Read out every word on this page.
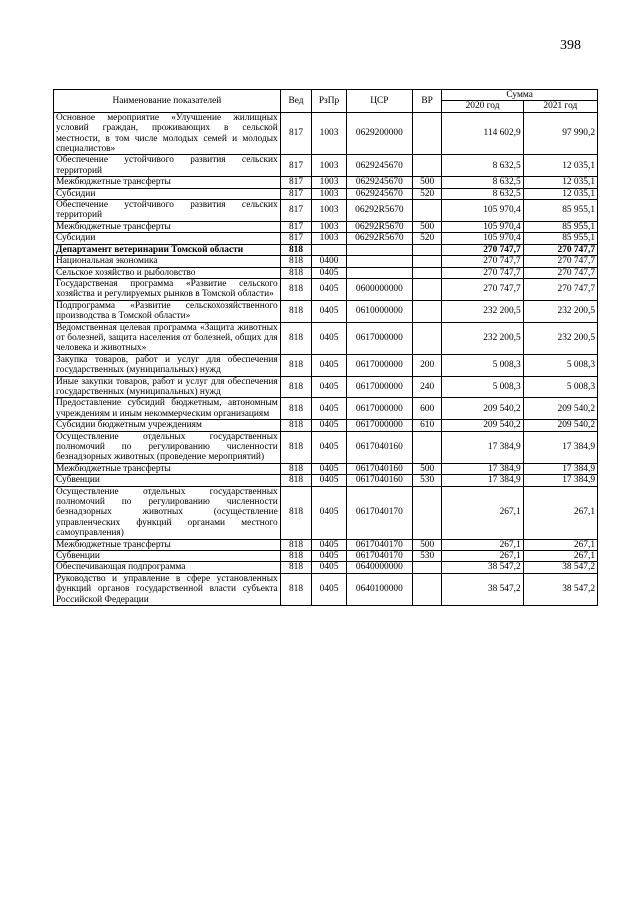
398
Наименование показателей	Вед	РзПр	ЦСР	ВР	Сумма	
					2020 год	2021 год
Основное мероприятие «Улучшение жилищных условий граждан, проживающих в сельской местности, в том числе молодых семей и молодых специалистов»	817	1003	0629200000		114 602,9	97 990,2
Обеспечение устойчивого развития сельских территорий	817	1003	0629245670		8 632,5	12 035,1
Межбюджетные трансферты	817	1003	0629245670	500	8 632,5	12 035,1
Субсидии	817	1003	0629245670	520	8 632,5	12 035,1
Обеспечение устойчивого развития сельских территорий	817	1003	06292R5670		105 970,4	85 955,1
Межбюджетные трансферты	817	1003	06292R5670	500	105 970,4	85 955,1
Субсидии	817	1003	06292R5670	520	105 970,4	85 955,1
Департамент ветеринарии Томской области	818				270 747,7	270 747,7
Национальная экономика	818	0400			270 747,7	270 747,7
Сельское хозяйство и рыболовство	818	0405			270 747,7	270 747,7
Государственая программа «Развитие сельского хозяйства и регулируемых рынков в Томской области»	818	0405	0600000000		270 747,7	270 747,7
Подпрограмма «Развитие сельскохозяйственного производства в Томской области»	818	0405	0610000000		232 200,5	232 200,5
Ведомственная целевая программа «Защита животных от болезней, защита населения от болезней, общих для человека и животных»	818	0405	0617000000		232 200,5	232 200,5
Закупка товаров, работ и услуг для обеспечения государственных (муниципальных) нужд	818	0405	0617000000	200	5 008,3	5 008,3
Иные закупки товаров, работ и услуг для обеспечения государственных (муниципальных) нужд	818	0405	0617000000	240	5 008,3	5 008,3
Предоставление субсидий бюджетным, автономным учреждениям и иным некоммерческим организациям	818	0405	0617000000	600	209 540,2	209 540,2
Субсидии бюджетным учреждениям	818	0405	0617000000	610	209 540,2	209 540,2
Осуществление отдельных государственных полномочий по регулированию численности безнадзорных животных (проведение мероприятий)	818	0405	0617040160		17 384,9	17 384,9
Межбюджетные трансферты	818	0405	0617040160	500	17 384,9	17 384,9
Субвенции	818	0405	0617040160	530	17 384,9	17 384,9
Осуществление отдельных государственных полномочий по регулированию численности безнадзорных животных (осуществление управленческих функций органами местного самоуправления)	818	0405	0617040170		267,1	267,1
Межбюджетные трансферты	818	0405	0617040170	500	267,1	267,1
Субвенции	818	0405	0617040170	530	267,1	267,1
Обеспечивающая подпрограмма	818	0405	0640000000		38 547,2	38 547,2
Руководство и управление в сфере установленных функций органов государственной власти субъекта Российской Федерации	818	0405	0640100000		38 547,2	38 547,2
